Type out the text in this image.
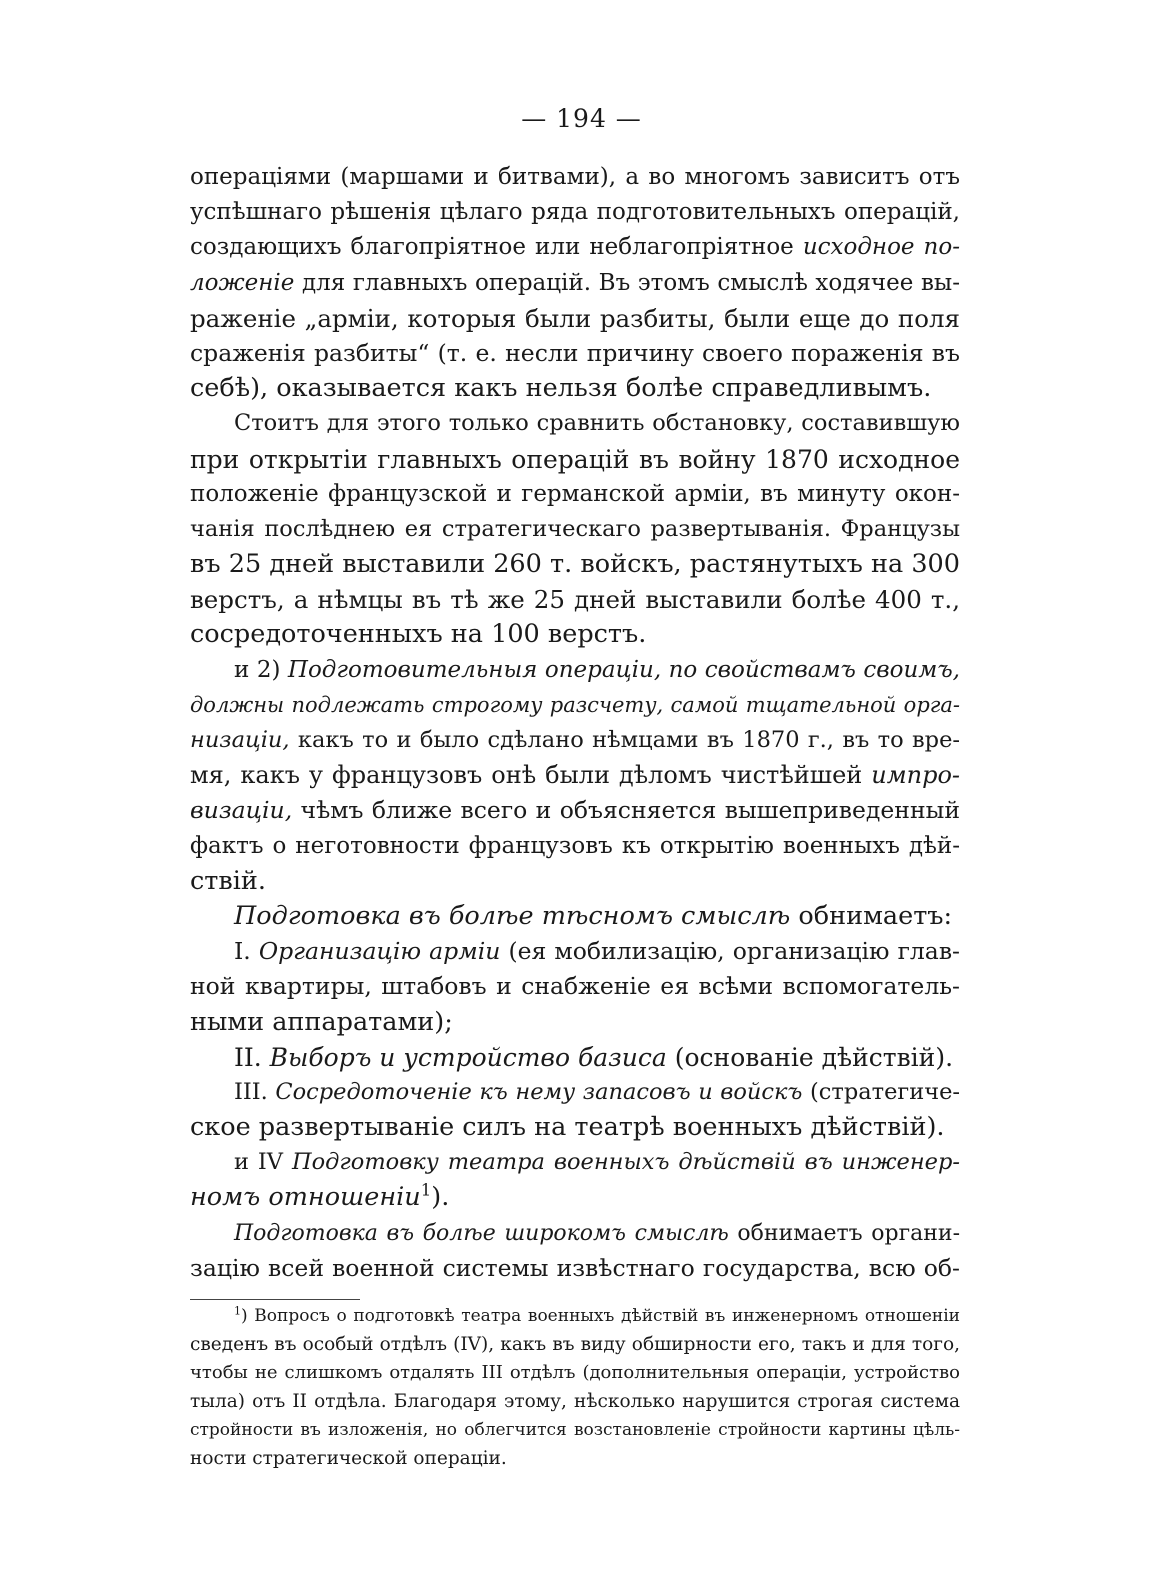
— 194 —
операціями (маршами и битвами), а во многомъ зависитъ отъ
успѣшнаго рѣшенія цѣлаго ряда подготовительныхъ операцій,
создающихъ благопріятное или неблагопріятное исходное по-
ложеніе для главныхъ операцій. Въ этомъ смыслѣ ходячее вы-
раженіе „арміи, которыя были разбиты, были еще до поля
сраженія разбиты“ (т. е. несли причину своего пораженія въ
себѣ), оказывается какъ нельзя болѣе справедливымъ.
Стоитъ для этого только сравнить обстановку, составившую
при открытіи главныхъ операцій въ войну 1870 исходное
положеніе французской и германской арміи, въ минуту окон-
чанія послѣднею ея стратегическаго развертыванія. Французы
въ 25 дней выставили 260 т. войскъ, растянутыхъ на 300
верстъ, а нѣмцы въ тѣ же 25 дней выставили болѣе 400 т.,
сосредоточенныхъ на 100 верстъ.
и 2) Подготовительныя операціи, по свойствамъ своимъ,
должны подлежать строгому разсчету, самой тщательной орга-
низаціи, какъ то и было сдѣлано нѣмцами въ 1870 г., въ то вре-
мя, какъ у французовъ онѣ были дѣломъ чистѣйшей импро-
визаціи, чѣмъ ближе всего и объясняется вышеприведенный
фактъ о неготовности французовъ къ открытію военныхъ дѣй-
ствій.
Подготовка въ болѣе тѣсномъ смыслѣ обнимаетъ:
I. Организацію арміи (ея мобилизацію, организацію глав-
ной квартиры, штабовъ и снабженіе ея всѣми вспомогатель-
ными аппаратами);
II. Выборъ и устройство базиса (основаніе дѣйствій).
III. Сосредоточеніе къ нему запасовъ и войскъ (стратегиче-
ское развертываніе силъ на театрѣ военныхъ дѣйствій).
и IV Подготовку театра военныхъ дѣйствій въ инженер-
номъ отношеніи$^1$).
Подготовка въ болѣе широкомъ смыслѣ обнимаетъ органи-
зацію всей военной системы извѣстнаго государства, всю об-
$^1$) Вопросъ о подготовкѣ театра военныхъ дѣйствій въ инженерномъ отношеніи
сведенъ въ особый отдѣлъ (IV), какъ въ виду обширности его, такъ и для того,
чтобы не слишкомъ отдалять III отдѣлъ (дополнительныя операціи, устройство
тыла) отъ II отдѣла. Благодаря этому, нѣсколько нарушится строгая система
стройности въ изложенія, но облегчится возстановленіе стройности картины цѣль-
ности стратегической операціи.
